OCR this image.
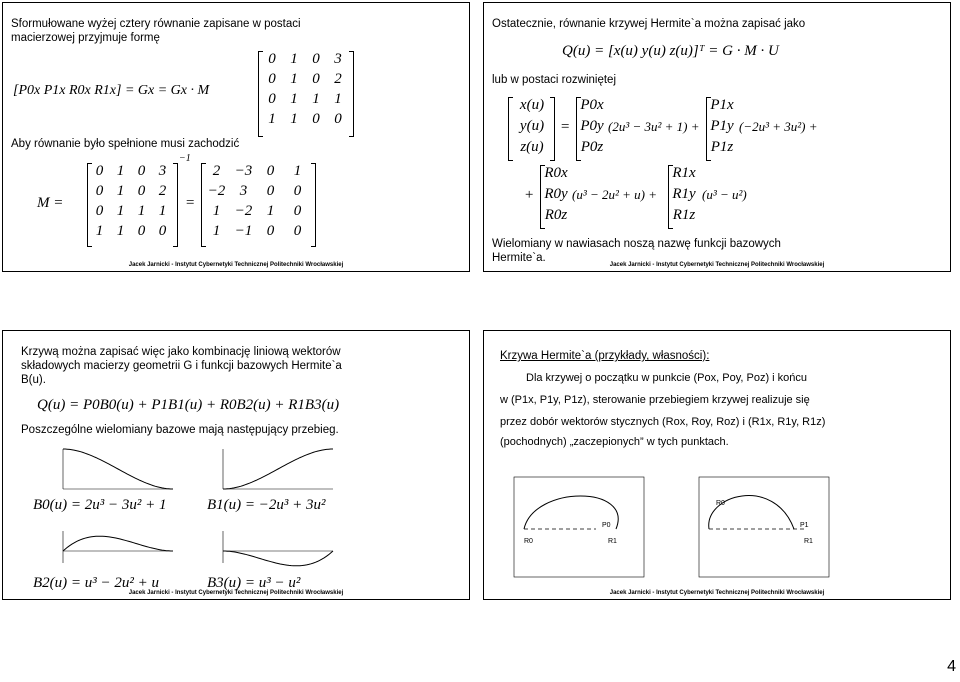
Sformułowane wyżej cztery równanie zapisane w postaci
macierzowej przyjmuje formę
0 1 0 3
0 1 0 2
0 1 1 1
1 1 0 0
[P0x P1x R0x R1x] = Gx = Gx · M
Aby równanie było spełnione musi zachodzić
M =
0 1 0 3
0 1 0 2
0 1 1 1
1 1 0 0
−1
=
2 −3 0	1
−2 3	0	0
1 −2 1	0
1 −1 0	0
Jacek Jarnicki - Instytut Cybernetyki Technicznej Politechniki Wrocławskiej
Ostatecznie, równanie krzywej Hermite`a można zapisać jako
Q(u) = [x(u) y(u) z(u)]ᵀ = G · M · U
lub w postaci rozwiniętej
x(u)
y(u)
z(u)
=
P0x
P0y
P0z
(2u³ − 3u² + 1) +
P1x
P1y
P1z
(−2u³ + 3u²) +
+
R0x
R0y
R0z
(u³ − 2u² + u) +
R1x
R1y
R1z
(u³ − u²)
Wielomiany w nawiasach noszą nazwę funkcji bazowych
Hermite`a.
Jacek Jarnicki - Instytut Cybernetyki Technicznej Politechniki Wrocławskiej
Krzywą można zapisać więc jako kombinację liniową wektorów
składowych macierzy geometrii G i funkcji bazowych Hermite`a
B(u).
Q(u) = P0B0(u) + P1B1(u) + R0B2(u) + R1B3(u)
Poszczególne wielomiany bazowe mają następujący przebieg.
B0(u) = 2u³ − 3u² + 1	B1(u) = −2u³ + 3u²
B2(u) = u³ − 2u² + u	B3(u) = u³ − u²
Jacek Jarnicki - Instytut Cybernetyki Technicznej Politechniki Wrocławskiej
Krzywa Hermite`a (przykłady, własności):
Dla krzywej o początku w punkcie (Pox, Poy, Poz) i końcu
w (P1x, P1y, P1z), sterowanie przebiegiem krzywej realizuje się
przez dobór wektorów stycznych (Rox, Roy, Roz) i (R1x, R1y, R1z)
(pochodnych) „zaczepionych” w tych punktach.
R0
P0
R1
R0
P1
R1
Jacek Jarnicki - Instytut Cybernetyki Technicznej Politechniki Wrocławskiej
4
